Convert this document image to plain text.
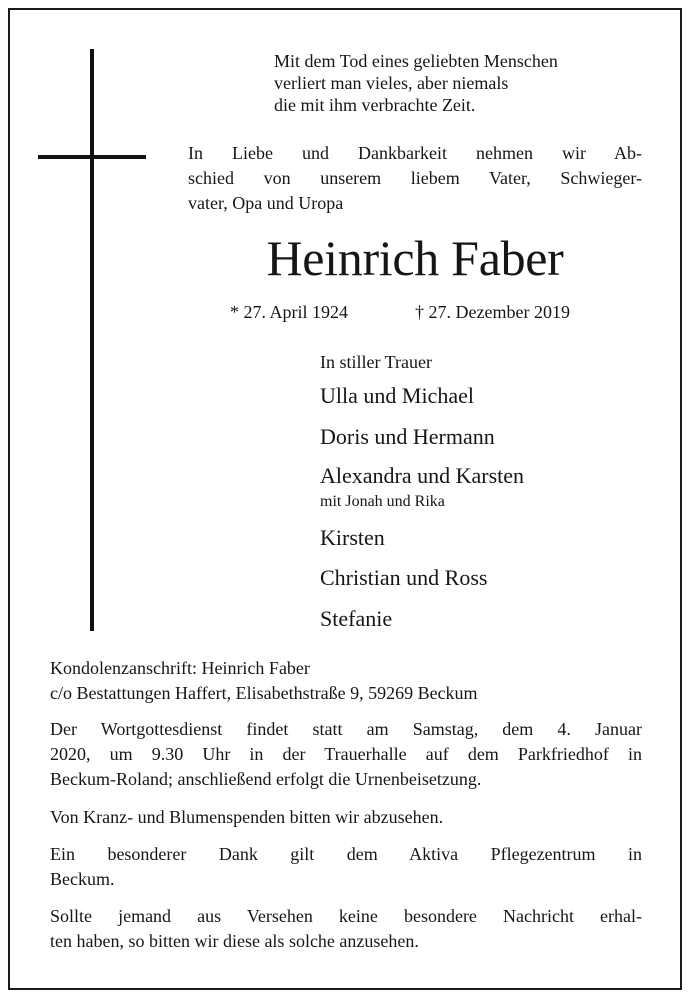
Mit dem Tod eines geliebten Menschen
verliert man vieles, aber niemals
die mit ihm verbrachte Zeit.
In Liebe und Dankbarkeit nehmen wir Ab-
schied von unserem liebem Vater, Schwieger-
vater, Opa und Uropa
Heinrich Faber
* 27. April 1924	† 27. Dezember 2019
In stiller Trauer
Ulla und Michael
Doris und Hermann
Alexandra und Karsten
mit Jonah und Rika
Kirsten
Christian und Ross
Stefanie
Kondolenzanschrift: Heinrich Faber
c/o Bestattungen Haffert, Elisabethstraße 9, 59269 Beckum
Der Wortgottesdienst findet statt am Samstag, dem 4. Januar
2020, um 9.30 Uhr in der Trauerhalle auf dem Parkfriedhof in
Beckum-Roland; anschließend erfolgt die Urnenbeisetzung.
Von Kranz- und Blumenspenden bitten wir abzusehen.
Ein besonderer Dank gilt dem Aktiva Pflegezentrum in
Beckum.
Sollte jemand aus Versehen keine besondere Nachricht erhal-
ten haben, so bitten wir diese als solche anzusehen.
